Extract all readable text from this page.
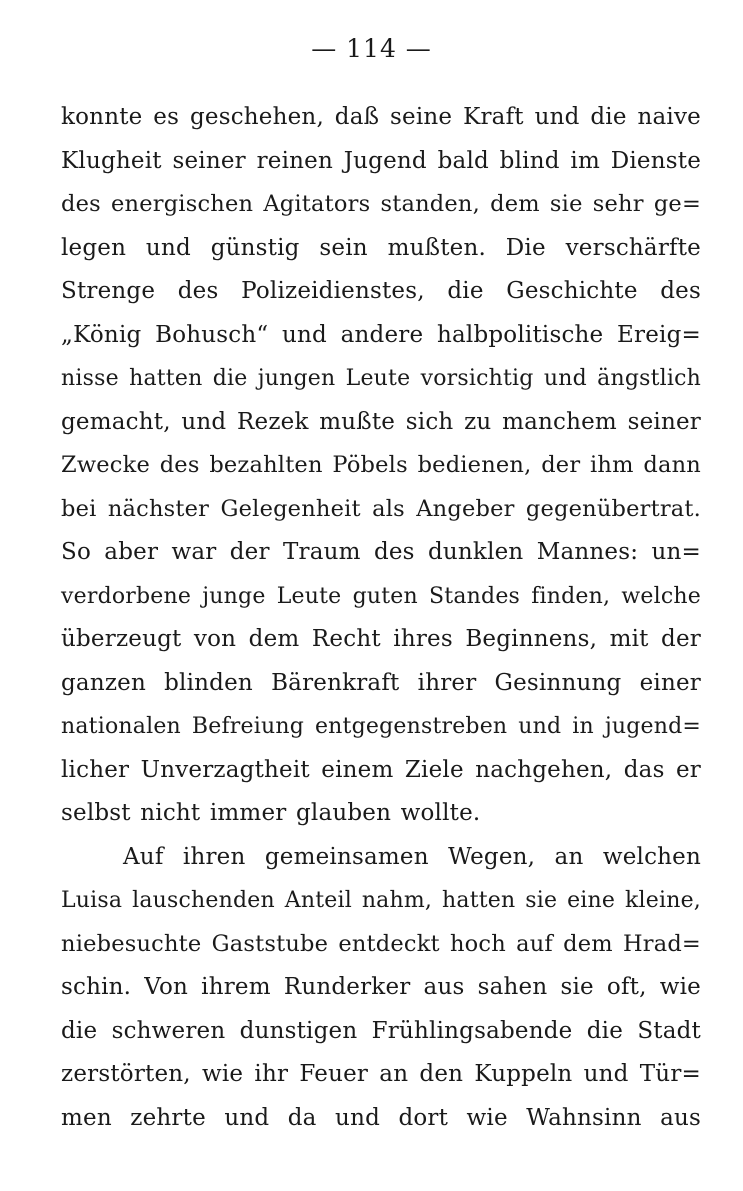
— 114 —
konnte es geschehen, daß seine Kraft und die naive
Klugheit seiner reinen Jugend bald blind im Dienste
des energischen Agitators standen, dem sie sehr ge=
legen und günstig sein mußten. Die verschärfte
Strenge des Polizeidienstes, die Geschichte des
„König Bohusch“ und andere halbpolitische Ereig=
nisse hatten die jungen Leute vorsichtig und ängstlich
gemacht, und Rezek mußte sich zu manchem seiner
Zwecke des bezahlten Pöbels bedienen, der ihm dann
bei nächster Gelegenheit als Angeber gegenübertrat.
So aber war der Traum des dunklen Mannes: un=
verdorbene junge Leute guten Standes finden, welche
überzeugt von dem Recht ihres Beginnens, mit der
ganzen blinden Bärenkraft ihrer Gesinnung einer
nationalen Befreiung entgegenstreben und in jugend=
licher Unverzagtheit einem Ziele nachgehen, das er
selbst nicht immer glauben wollte.
Auf ihren gemeinsamen Wegen, an welchen
Luisa lauschenden Anteil nahm, hatten sie eine kleine,
niebesuchte Gaststube entdeckt hoch auf dem Hrad=
schin. Von ihrem Runderker aus sahen sie oft, wie
die schweren dunstigen Frühlingsabende die Stadt
zerstörten, wie ihr Feuer an den Kuppeln und Tür=
men zehrte und da und dort wie Wahnsinn aus
